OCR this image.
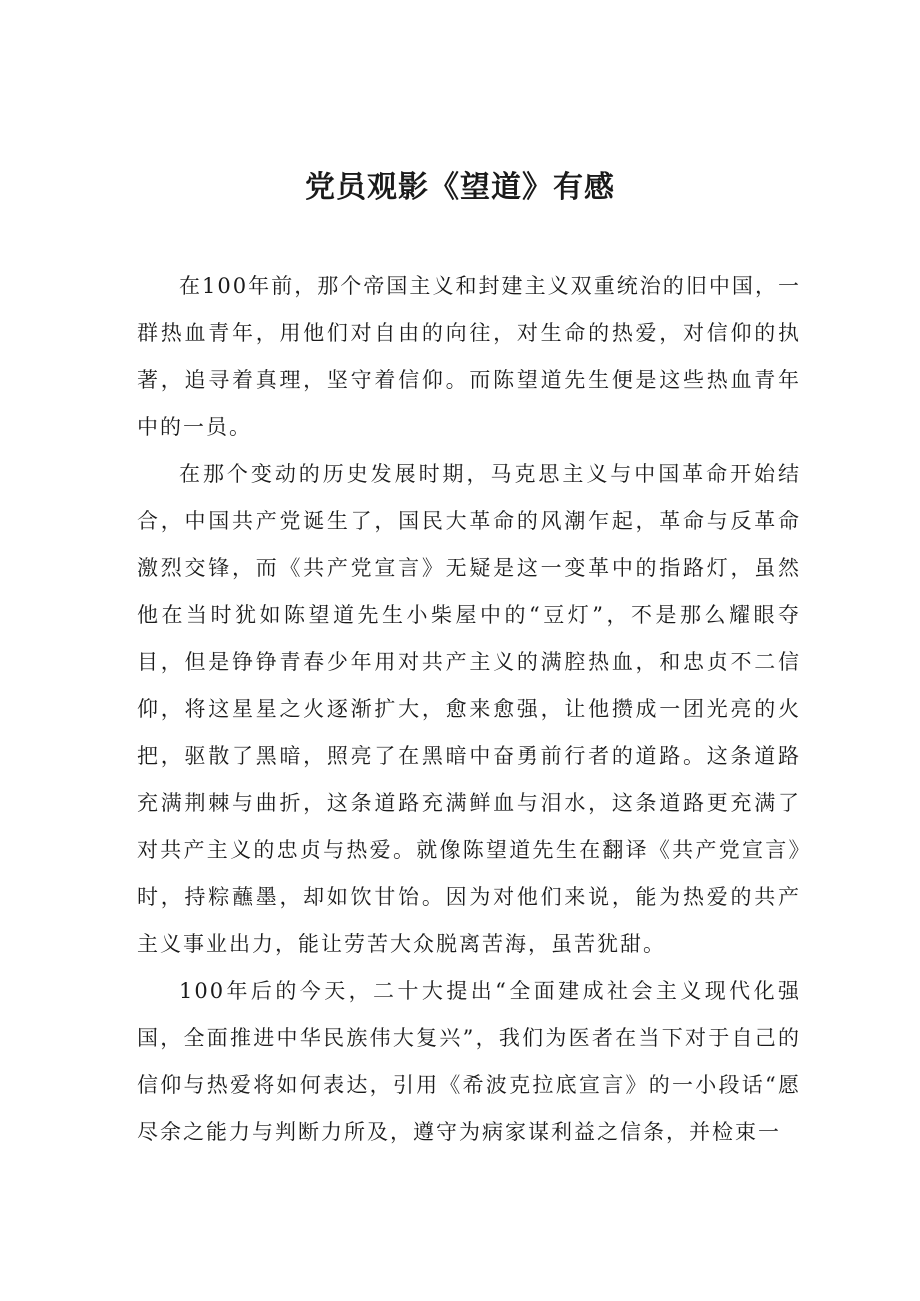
党员观影《望道》有感

在100年前，那个帝国主义和封建主义双重统治的旧中国，一群热血青年，用他们对自由的向往，对生命的热爱，对信仰的执著，追寻着真理，坚守着信仰。而陈望道先生便是这些热血青年中的一员。

在那个变动的历史发展时期，马克思主义与中国革命开始结合，中国共产党诞生了，国民大革命的风潮乍起，革命与反革命激烈交锋，而《共产党宣言》无疑是这一变革中的指路灯，虽然他在当时犹如陈望道先生小柴屋中的“豆灯”，不是那么耀眼夺目，但是铮铮青春少年用对共产主义的满腔热血，和忠贞不二信仰，将这星星之火逐渐扩大，愈来愈强，让他攒成一团光亮的火把，驱散了黑暗，照亮了在黑暗中奋勇前行者的道路。这条道路充满荆棘与曲折，这条道路充满鲜血与泪水，这条道路更充满了对共产主义的忠贞与热爱。就像陈望道先生在翻译《共产党宣言》时，持粽蘸墨，却如饮甘饴。因为对他们来说，能为热爱的共产主义事业出力，能让劳苦大众脱离苦海，虽苦犹甜。

100年后的今天，二十大提出“全面建成社会主义现代化强国，全面推进中华民族伟大复兴”，我们为医者在当下对于自己的信仰与热爱将如何表达，引用《希波克拉底宣言》的一小段话“愿尽余之能力与判断力所及，遵守为病家谋利益之信条，并检束一
